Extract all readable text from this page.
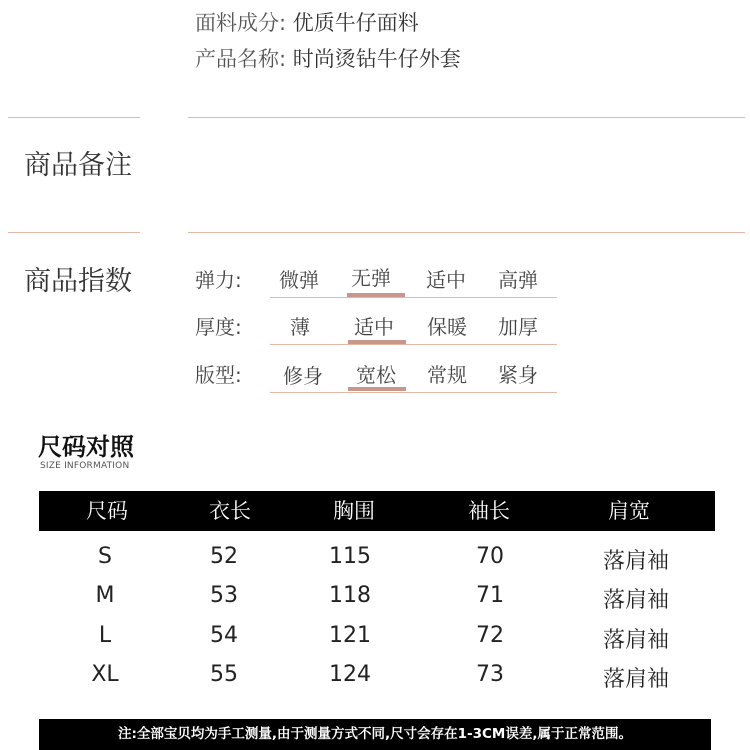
面料成分: 优质牛仔面料
产品名称: 时尚烫钻牛仔外套
商品备注
商品指数	弹力:	微弹	无弹	适中	高弹
厚度:	薄	适中	保暖	加厚
版型:	修身	宽松	常规	紧身
尺码对照
SIZE INFORMATION
尺码	衣长	胸围	袖长	肩宽
S	52	115	70	落肩袖
M	53	118	71	落肩袖
L	54	121	72	落肩袖
XL	55	124	73	落肩袖
注:全部宝贝均为手工测量,由于测量方式不同,尺寸会存在1-3CM误差,属于正常范围。
